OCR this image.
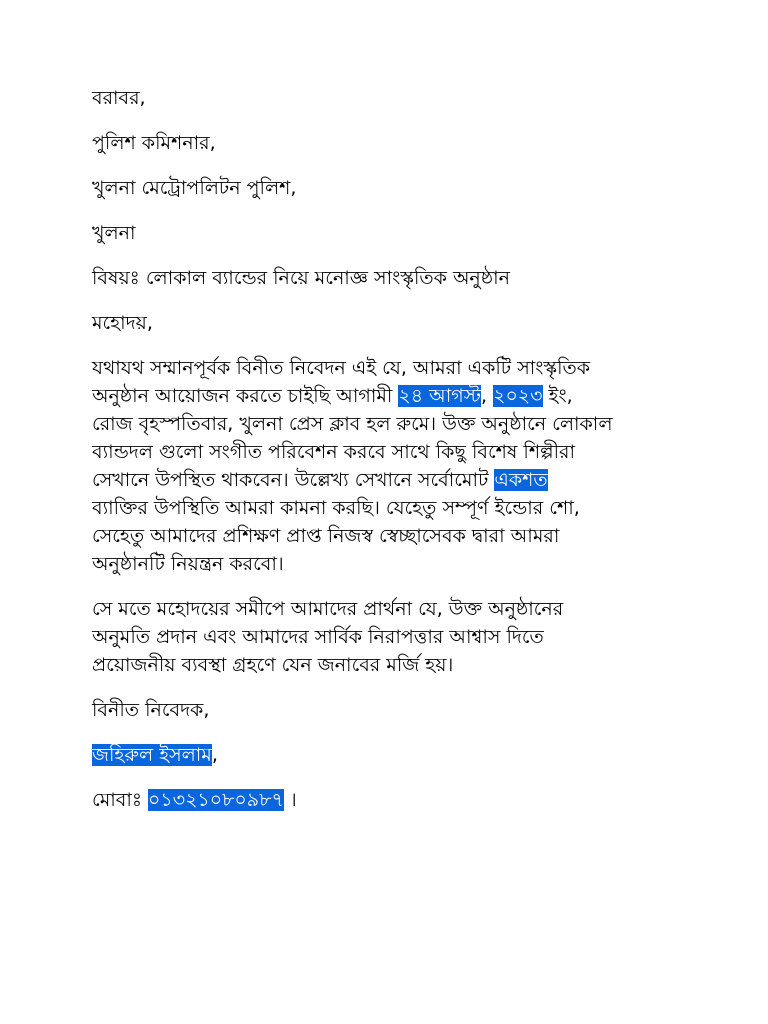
বরাবর,
পুলিশ কমিশনার,
খুলনা মেট্রোপলিটন পুলিশ,
খুলনা
বিষয়ঃ লোকাল ব্যান্ডের নিয়ে মনোজ্ঞ সাংস্কৃতিক অনুষ্ঠান
মহোদয়,
যথাযথ সম্মানপূর্বক বিনীত নিবেদন এই যে, আমরা একটি সাংস্কৃতিক
অনুষ্ঠান আয়োজন করতে চাইছি আগামী ২৪ আগস্ট, ২০২৩ ইং,
রোজ বৃহস্পতিবার, খুলনা প্রেস ক্লাব হল রুমে। উক্ত অনুষ্ঠানে লোকাল
ব্যান্ডদল গুলো সংগীত পরিবেশন করবে সাথে কিছু বিশেষ শিল্পীরা
সেখানে উপস্থিত থাকবেন। উল্লেখ্য সেখানে সর্বোমোট একশত
ব্যাক্তির উপস্থিতি আমরা কামনা করছি। যেহেতু সম্পূর্ণ ইন্ডোর শো,
সেহেতু আমাদের প্রশিক্ষণ প্রাপ্ত নিজস্ব স্বেচ্ছাসেবক দ্বারা আমরা
অনুষ্ঠানটি নিয়ন্ত্রন করবো।
সে মতে মহোদয়ের সমীপে আমাদের প্রার্থনা যে, উক্ত অনুষ্ঠানের
অনুমতি প্রদান এবং আমাদের সার্বিক নিরাপত্তার আশ্বাস দিতে
প্রয়োজনীয় ব্যবস্থা গ্রহণে যেন জনাবের মর্জি হয়।
বিনীত নিবেদক,
জহিরুল ইসলাম,
মোবাঃ ০১৩২১০৮০৯৮৭ ।
